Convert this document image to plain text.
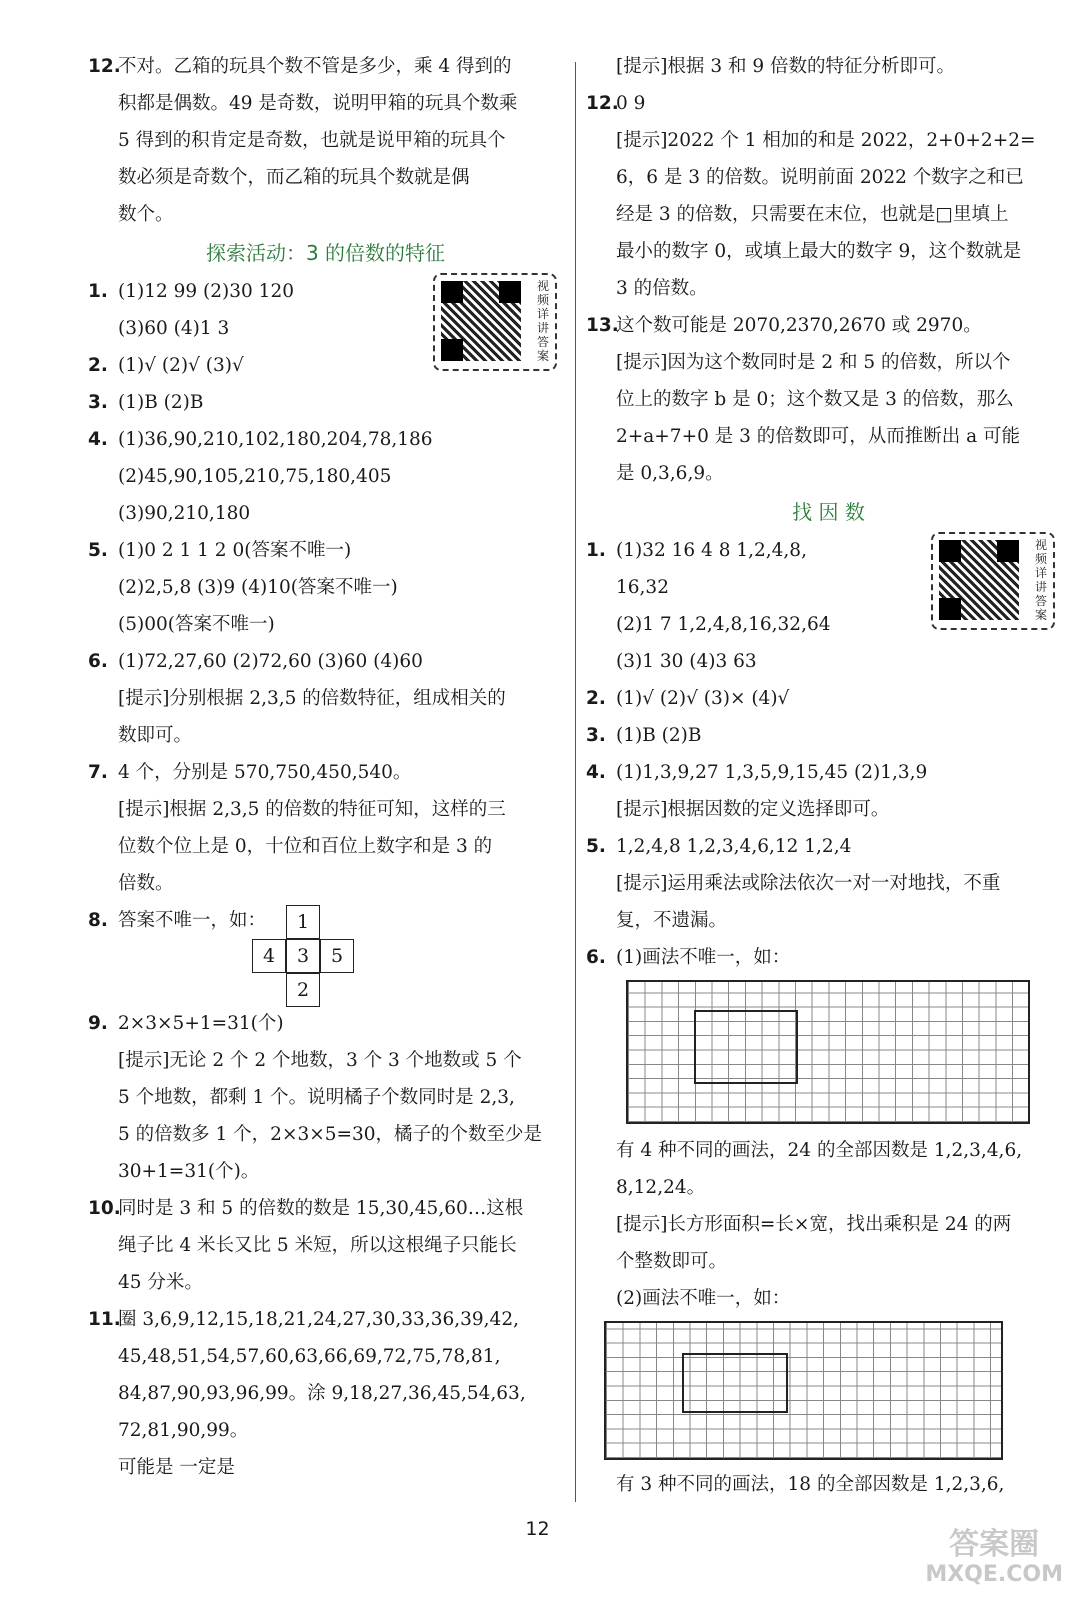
12.
不对。乙箱的玩具个数不管是多少，乘 4 得到的
积都是偶数。49 是奇数，说明甲箱的玩具个数乘
5 得到的积肯定是奇数，也就是说甲箱的玩具个
数必须是奇数个，而乙箱的玩具个数就是偶
数个。
探索活动：3 的倍数的特征
视频详讲答案
1. (1)12 99 (2)30 120
(3)60 (4)1 3
2. (1)√ (2)√ (3)√
3. (1)B (2)B
4. (1)36,90,210,102,180,204,78,186
(2)45,90,105,210,75,180,405
(3)90,210,180
5. (1)0 2 1 1 2 0(答案不唯一)
(2)2,5,8 (3)9 (4)10(答案不唯一)
(5)00(答案不唯一)
6. (1)72,27,60 (2)72,60 (3)60 (4)60
[提示]分别根据 2,3,5 的倍数特征，组成相关的
数即可。
7. 4 个，分别是 570,750,450,540。
[提示]根据 2,3,5 的倍数的特征可知，这样的三
位数个位上是 0，十位和百位上数字和是 3 的
倍数。
8. 答案不唯一，如：	1
4	3	5
2
9. 2×3×5+1=31(个)
[提示]无论 2 个 2 个地数，3 个 3 个地数或 5 个
5 个地数，都剩 1 个。说明橘子个数同时是 2,3,
5 的倍数多 1 个，2×3×5=30，橘子的个数至少是
30+1=31(个)。
10.
同时是 3 和 5 的倍数的数是 15,30,45,60…这根
绳子比 4 米长又比 5 米短，所以这根绳子只能长
45 分米。
11.
圈 3,6,9,12,15,18,21,24,27,30,33,36,39,42,
45,48,51,54,57,60,63,66,69,72,75,78,81,
84,87,90,93,96,99。涂 9,18,27,36,45,54,63,
72,81,90,99。
可能是 一定是
[提示]根据 3 和 9 倍数的特征分析即可。
12.
0 9
[提示]2022 个 1 相加的和是 2022，2+0+2+2=
6，6 是 3 的倍数。说明前面 2022 个数字之和已
经是 3 的倍数，只需要在末位，也就是□里填上
最小的数字 0，或填上最大的数字 9，这个数就是
3 的倍数。
13.
这个数可能是 2070,2370,2670 或 2970。
[提示]因为这个数同时是 2 和 5 的倍数，所以个
位上的数字 b 是 0；这个数又是 3 的倍数，那么
2+a+7+0 是 3 的倍数即可，从而推断出 a 可能
是 0,3,6,9。
找 因 数
视频详讲答案
1. (1)32 16 4 8 1,2,4,8,
16,32
(2)1 7 1,2,4,8,16,32,64
(3)1 30 (4)3 63
2. (1)√ (2)√ (3)× (4)√
3. (1)B (2)B
4. (1)1,3,9,27 1,3,5,9,15,45 (2)1,3,9
[提示]根据因数的定义选择即可。
5. 1,2,4,8 1,2,3,4,6,12 1,2,4
[提示]运用乘法或除法依次一对一对地找，不重
复，不遗漏。
6. (1)画法不唯一，如：
有 4 种不同的画法，24 的全部因数是 1,2,3,4,6,
8,12,24。
[提示]长方形面积=长×宽，找出乘积是 24 的两
个整数即可。
(2)画法不唯一，如：
有 3 种不同的画法，18 的全部因数是 1,2,3,6,
12	答案圈
MXQE.COM
